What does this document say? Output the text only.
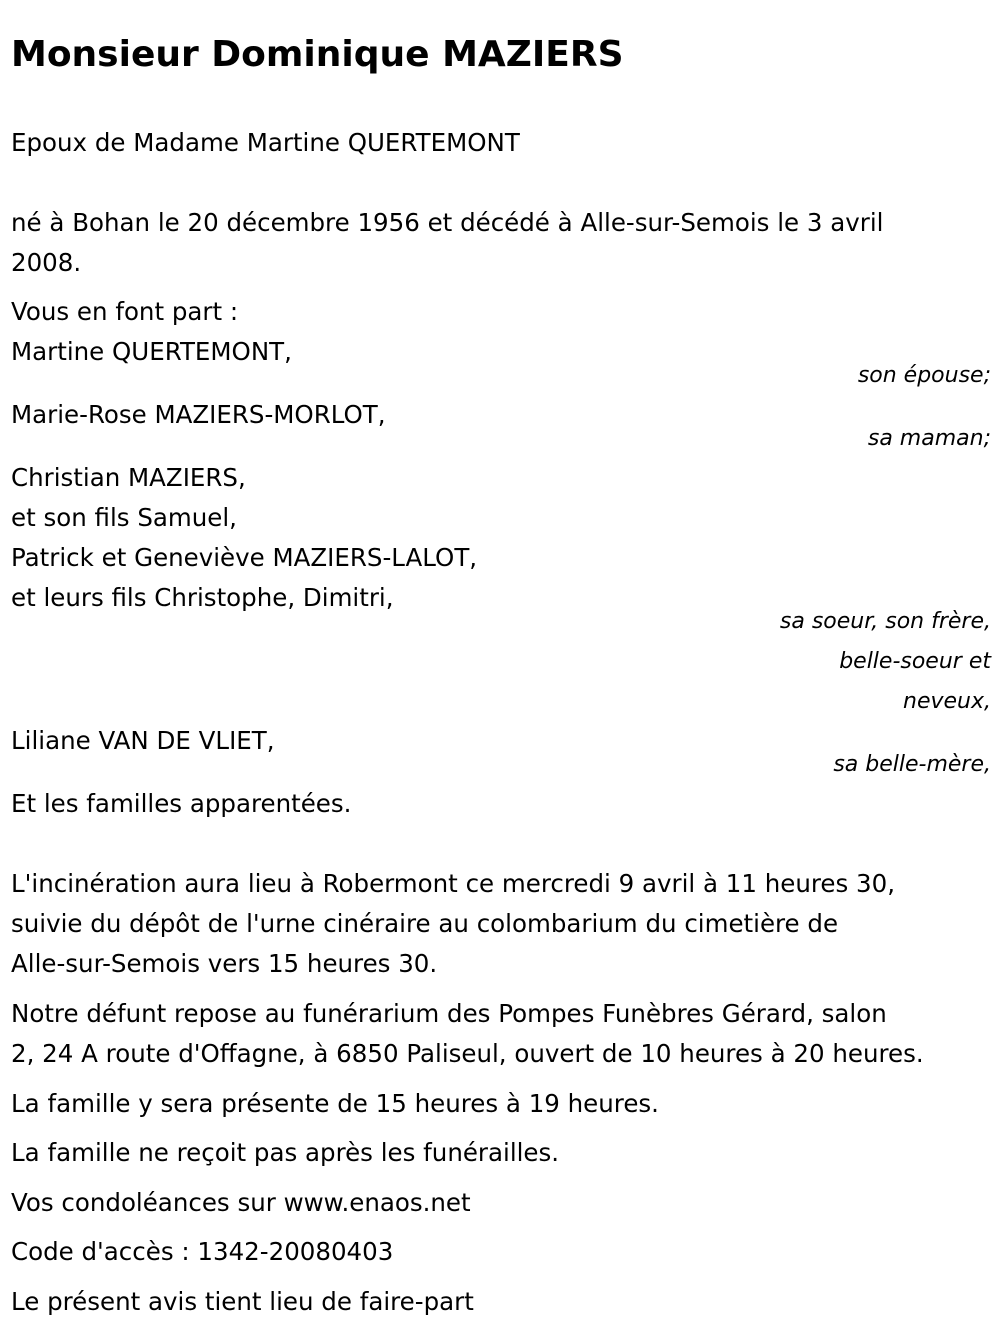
Monsieur Dominique MAZIERS

Epoux de Madame Martine QUERTEMONT

né à Bohan le 20 décembre 1956 et décédé à Alle-sur-Semois le 3 avril

2008.

Vous en font part :

Martine QUERTEMONT,

son épouse;

Marie-Rose MAZIERS-MORLOT,

sa maman;

Christian MAZIERS,

et son fils Samuel,

Patrick et Geneviève MAZIERS-LALOT,

et leurs fils Christophe, Dimitri,

sa soeur, son frère,

belle-soeur et

neveux,

Liliane VAN DE VLIET,

sa belle-mère,

Et les familles apparentées.

L'incinération aura lieu à Robermont ce mercredi 9 avril à 11 heures 30,

suivie du dépôt de l'urne cinéraire au colombarium du cimetière de

Alle-sur-Semois vers 15 heures 30.

Notre défunt repose au funérarium des Pompes Funèbres Gérard, salon

2, 24 A route d'Offagne, à 6850 Paliseul, ouvert de 10 heures à 20 heures.

La famille y sera présente de 15 heures à 19 heures.

La famille ne reçoit pas après les funérailles.

Vos condoléances sur www.enaos.net

Code d'accès : 1342-20080403

Le présent avis tient lieu de faire-part
